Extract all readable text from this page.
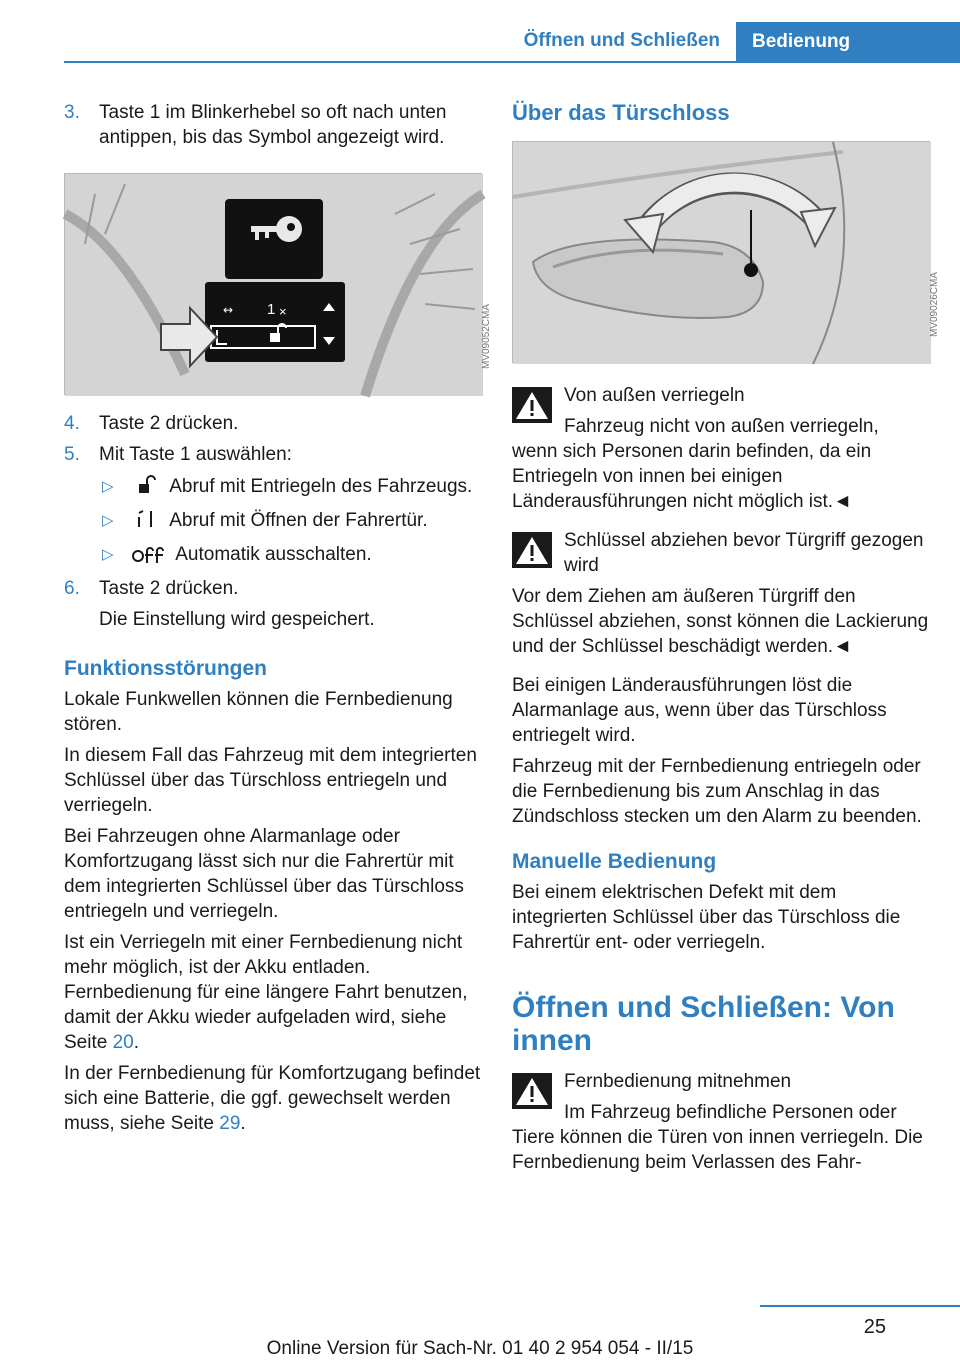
Öffnen und Schließen	Bedienung
3. Taste 1 im Blinkerhebel so oft nach unten antippen, bis das Symbol angezeigt wird.
↔ 1 ×	MV09052CMA
4. Taste 2 drücken.
5. Mit Taste 1 auswählen:
▷	Abruf mit Entriegeln des Fahrzeugs.
▷	Abruf mit Öffnen der Fahrertür.
▷	Automatik ausschalten.
6. Taste 2 drücken.
Die Einstellung wird gespeichert.
Funktionsstörungen

Lokale Funkwellen können die Fernbedienung stören.

In diesem Fall das Fahrzeug mit dem integrierten Schlüssel über das Türschloss entriegeln und verriegeln.

Bei Fahrzeugen ohne Alarmanlage oder Komfortzugang lässt sich nur die Fahrertür mit dem integrierten Schlüssel über das Türschloss entriegeln und verriegeln.

Ist ein Verriegeln mit einer Fernbedienung nicht mehr möglich, ist der Akku entladen. Fernbedienung für eine längere Fahrt benutzen, damit der Akku wieder aufgeladen wird, siehe Seite 20.

In der Fernbedienung für Komfortzugang befindet sich eine Batterie, die ggf. gewechselt werden muss, siehe Seite 29.

Über das Türschloss
MV09026CMA
Von außen verriegeln
Fahrzeug nicht von außen verriegeln,
wenn sich Personen darin befinden, da ein Entriegeln von innen bei einigen Länderausführungen nicht möglich ist.◄
Schlüssel abziehen bevor Türgriff gezogen wird
Vor dem Ziehen am äußeren Türgriff den Schlüssel abziehen, sonst können die Lackierung und der Schlüssel beschädigt werden.◄

Bei einigen Länderausführungen löst die Alarmanlage aus, wenn über das Türschloss entriegelt wird.

Fahrzeug mit der Fernbedienung entriegeln oder die Fernbedienung bis zum Anschlag in das Zündschloss stecken um den Alarm zu beenden.

Manuelle Bedienung

Bei einem elektrischen Defekt mit dem integrierten Schlüssel über das Türschloss die Fahrertür ent- oder verriegeln.

Öffnen und Schließen: Von innen
Fernbedienung mitnehmen
Im Fahrzeug befindliche Personen oder
Tiere können die Türen von innen verriegeln. Die Fernbedienung beim Verlassen des Fahr-
25
Online Version für Sach-Nr. 01 40 2 954 054 - II/15
